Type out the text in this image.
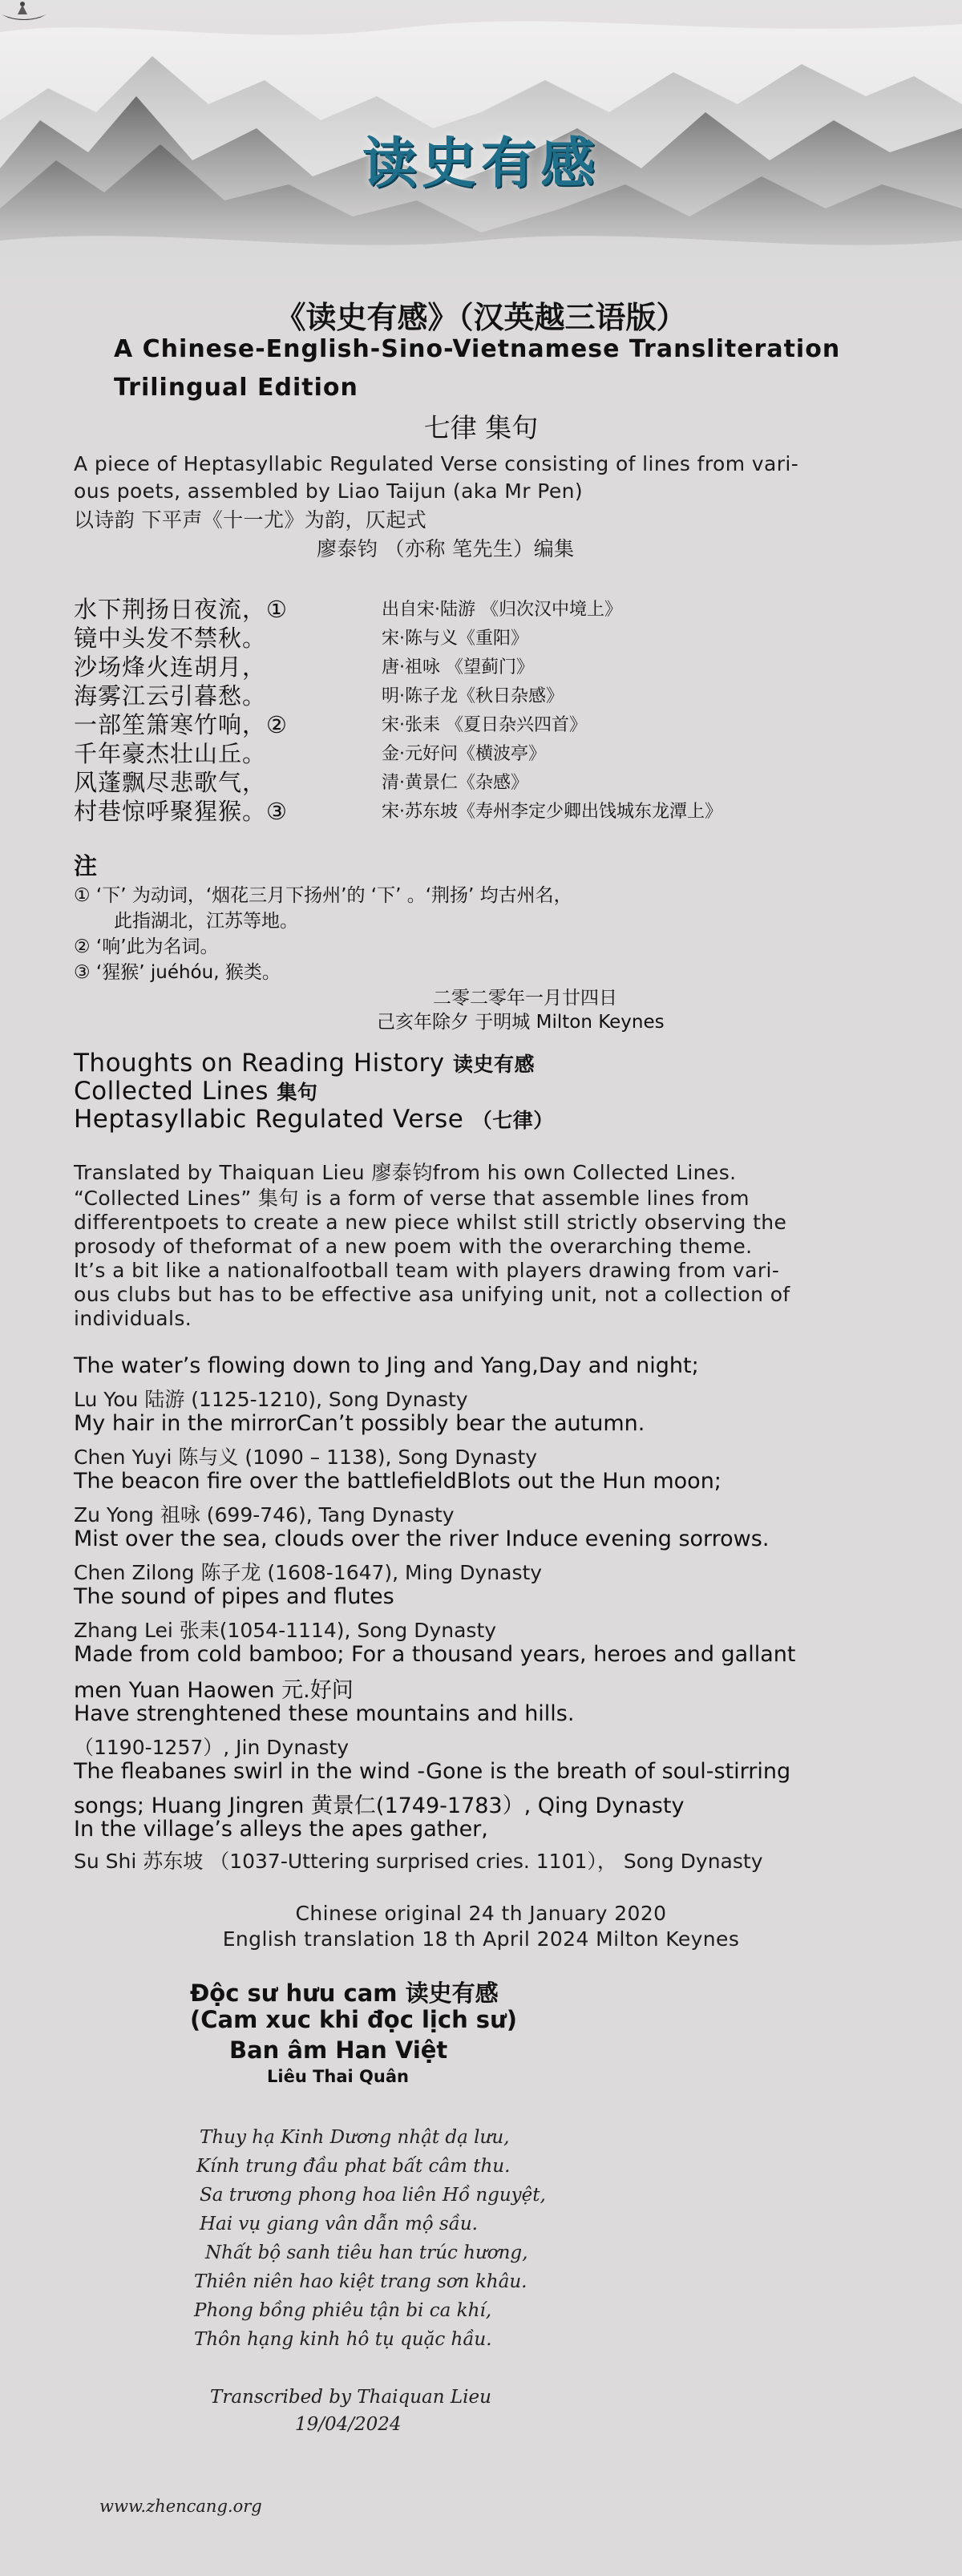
读史有感
《读史有感》（汉英越三语版）
A Chinese-English-Sino-Vietnamese Transliteration
Trilingual Edition
七律 集句
A piece of Heptasyllabic Regulated Verse consisting of lines from vari-
ous poets, assembled by Liao Taijun (aka Mr Pen)
以诗韵 下平声《十一尤》为韵，仄起式
廖泰钧 （亦称 笔先生）编集
水下荆扬日夜流，①	出自宋·陆游 《归次汉中境上》
镜中头发不禁秋。	宋·陈与义《重阳》
沙场烽火连胡月，	唐·祖咏 《望蓟门》
海雾江云引暮愁。	明·陈子龙《秋日杂感》
一部笙箫寒竹响，②	宋·张耒 《夏日杂兴四首》
千年豪杰壮山丘。	金·元好问《横波亭》
风蓬飘尽悲歌气，	清·黄景仁《杂感》
村巷惊呼聚猩猴。③	宋·苏东坡《寿州李定少卿出饯城东龙潭上》
注
① ‘下’ 为动词，‘烟花三月下扬州’的 ‘下’ 。‘荆扬’ 均古州名，
此指湖北，江苏等地。
② ‘响’此为名词。
③ ‘猩猴’ juéhóu, 猴类。
二零二零年一月廿四日
己亥年除夕 于明城 Milton Keynes
Thoughts on Reading History 读史有感
Collected Lines 集句
Heptasyllabic Regulated Verse （七律）
Translated by Thaiquan Lieu 廖泰钧from his own Collected Lines.
“Collected Lines” 集句 is a form of verse that assemble lines from
differentpoets to create a new piece whilst still strictly observing the
prosody of theformat of a new poem with the overarching theme.
It’s a bit like a nationalfootball team with players drawing from vari-
ous clubs but has to be effective asa unifying unit, not a collection of
individuals.
The water’s flowing down to Jing and Yang,Day and night;
Lu You 陆游 (1125-1210), Song Dynasty
My hair in the mirrorCan’t possibly bear the autumn.
Chen Yuyi 陈与义 (1090 – 1138), Song Dynasty
The beacon fire over the battlefieldBlots out the Hun moon;
Zu Yong 祖咏 (699-746), Tang Dynasty
Mist over the sea, clouds over the river Induce evening sorrows.
Chen Zilong 陈子龙 (1608-1647), Ming Dynasty
The sound of pipes and flutes
Zhang Lei 张耒(1054-1114), Song Dynasty
Made from cold bamboo; For a thousand years, heroes and gallant
men Yuan Haowen 元.好问
Have strenghtened these mountains and hills.
（1190-1257）, Jin Dynasty
The fleabanes swirl in the wind -Gone is the breath of soul-stirring
songs; Huang Jingren 黄景仁(1749-1783）, Qing Dynasty
In the village’s alleys the apes gather,
Su Shi 苏东坡 （1037-Uttering surprised cries. 1101）， Song Dynasty
Chinese original 24 th January 2020
English translation 18 th April 2024 Milton Keynes
Độc sư hưu cam 读史有感
(Cam xuc khi đọc lịch sư)
Ban âm Han Việt
Liêu Thai Quân
Thuy hạ Kinh Dương nhật dạ lưu,
Kính trung đầu phat bất câm thu.
Sa trương phong hoa liên Hồ nguyệt,
Hai vụ giang vân dẫn mộ sầu.
Nhất bộ sanh tiêu han trúc hương,
Thiên niên hao kiệt trang sơn khâu.
Phong bồng phiêu tận bi ca khí,
Thôn hạng kinh hô tụ quặc hầu.
Transcribed by Thaiquan Lieu
19/04/2024
www.zhencang.org
